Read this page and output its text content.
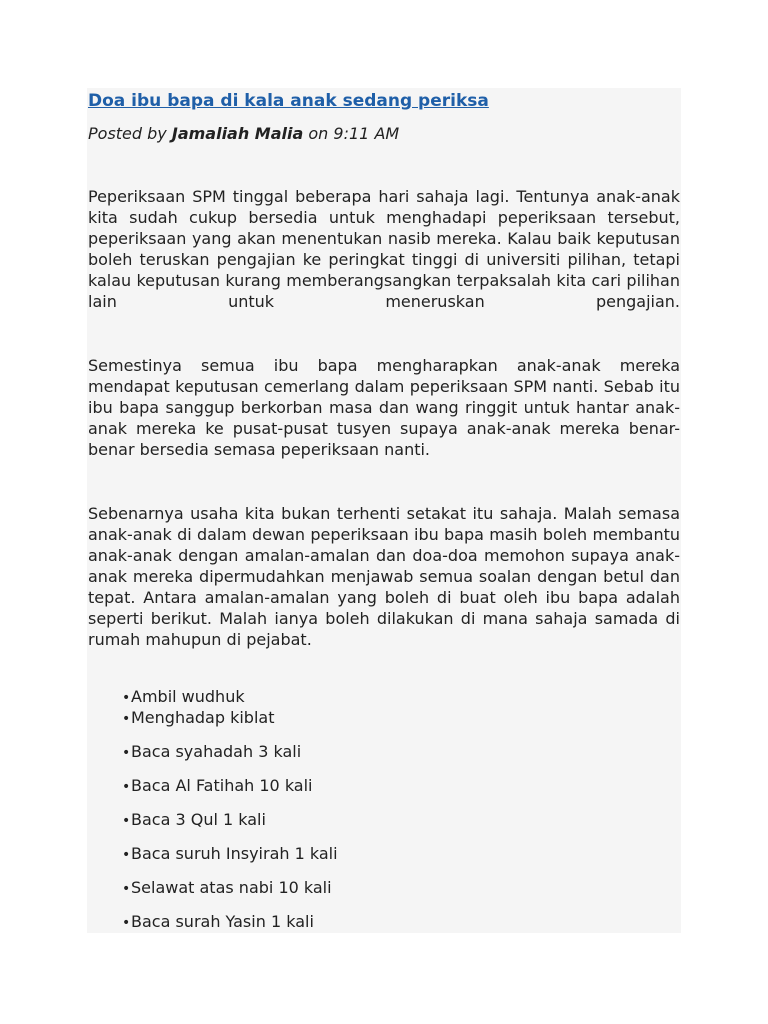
Doa ibu bapa di kala anak sedang periksa
Posted by Jamaliah Malia on 9:11 AM

Peperiksaan SPM tinggal beberapa hari sahaja lagi. Tentunya anak-anak kita sudah cukup bersedia untuk menghadapi peperiksaan tersebut, peperiksaan yang akan menentukan nasib mereka. Kalau baik keputusan boleh teruskan pengajian ke peringkat tinggi di universiti pilihan, tetapi kalau keputusan kurang memberangsangkan terpaksalah kita cari pilihan lain untuk meneruskan pengajian.

Semestinya semua ibu bapa mengharapkan anak-anak mereka mendapat keputusan cemerlang dalam peperiksaan SPM nanti. Sebab itu ibu bapa sanggup berkorban masa dan wang ringgit untuk hantar anak-anak mereka ke pusat-pusat tusyen supaya anak-anak mereka benar-benar bersedia semasa peperiksaan nanti.

Sebenarnya usaha kita bukan terhenti setakat itu sahaja. Malah semasa anak-anak di dalam dewan peperiksaan ibu bapa masih boleh membantu anak-anak dengan amalan-amalan dan doa-doa memohon supaya anak-anak mereka dipermudahkan menjawab semua soalan dengan betul dan tepat. Antara amalan-amalan yang boleh di buat oleh ibu bapa adalah seperti berikut. Malah ianya boleh dilakukan di mana sahaja samada di rumah mahupun di pejabat.

•Ambil wudhuk
•Menghadap kiblat
•Baca syahadah 3 kali
•Baca Al Fatihah 10 kali
•Baca 3 Qul 1 kali
•Baca suruh Insyirah 1 kali
•Selawat atas nabi 10 kali
•Baca surah Yasin 1 kali
